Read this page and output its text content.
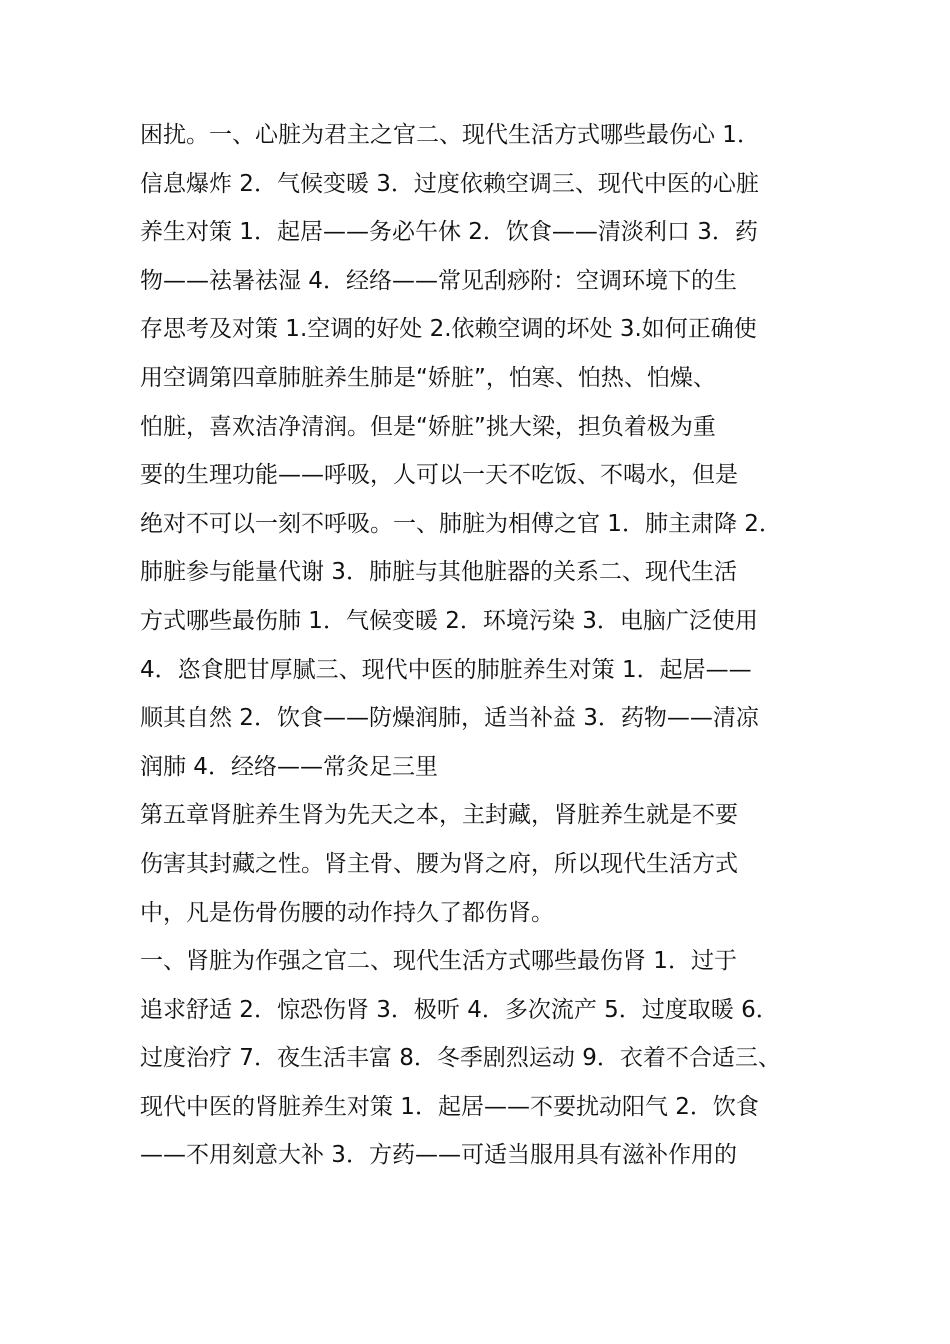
困扰。一、心脏为君主之官二、现代生活方式哪些最伤心 1．
信息爆炸 2．气候变暖 3．过度依赖空调三、现代中医的心脏
养生对策 1．起居——务必午休 2．饮食——清淡利口 3．药
物——祛暑祛湿 4．经络——常见刮痧附：空调环境下的生
存思考及对策 1.空调的好处 2.依赖空调的坏处 3.如何正确使
用空调第四章肺脏养生肺是“娇脏”，怕寒、怕热、怕燥、
怕脏，喜欢洁净清润。但是“娇脏”挑大梁，担负着极为重
要的生理功能——呼吸，人可以一天不吃饭、不喝水，但是
绝对不可以一刻不呼吸。一、肺脏为相傅之官 1．肺主肃降 2．
肺脏参与能量代谢 3．肺脏与其他脏器的关系二、现代生活
方式哪些最伤肺 1．气候变暖 2．环境污染 3．电脑广泛使用
4．恣食肥甘厚腻三、现代中医的肺脏养生对策 1．起居——
顺其自然 2．饮食——防燥润肺，适当补益 3．药物——清凉
润肺 4．经络——常灸足三里
第五章肾脏养生肾为先天之本，主封藏，肾脏养生就是不要
伤害其封藏之性。肾主骨、腰为肾之府，所以现代生活方式
中，凡是伤骨伤腰的动作持久了都伤肾。
一、肾脏为作强之官二、现代生活方式哪些最伤肾 1．过于
追求舒适 2．惊恐伤肾 3．极听 4．多次流产 5．过度取暖 6．
过度治疗 7．夜生活丰富 8．冬季剧烈运动 9．衣着不合适三、
现代中医的肾脏养生对策 1．起居——不要扰动阳气 2．饮食
——不用刻意大补 3．方药——可适当服用具有滋补作用的
